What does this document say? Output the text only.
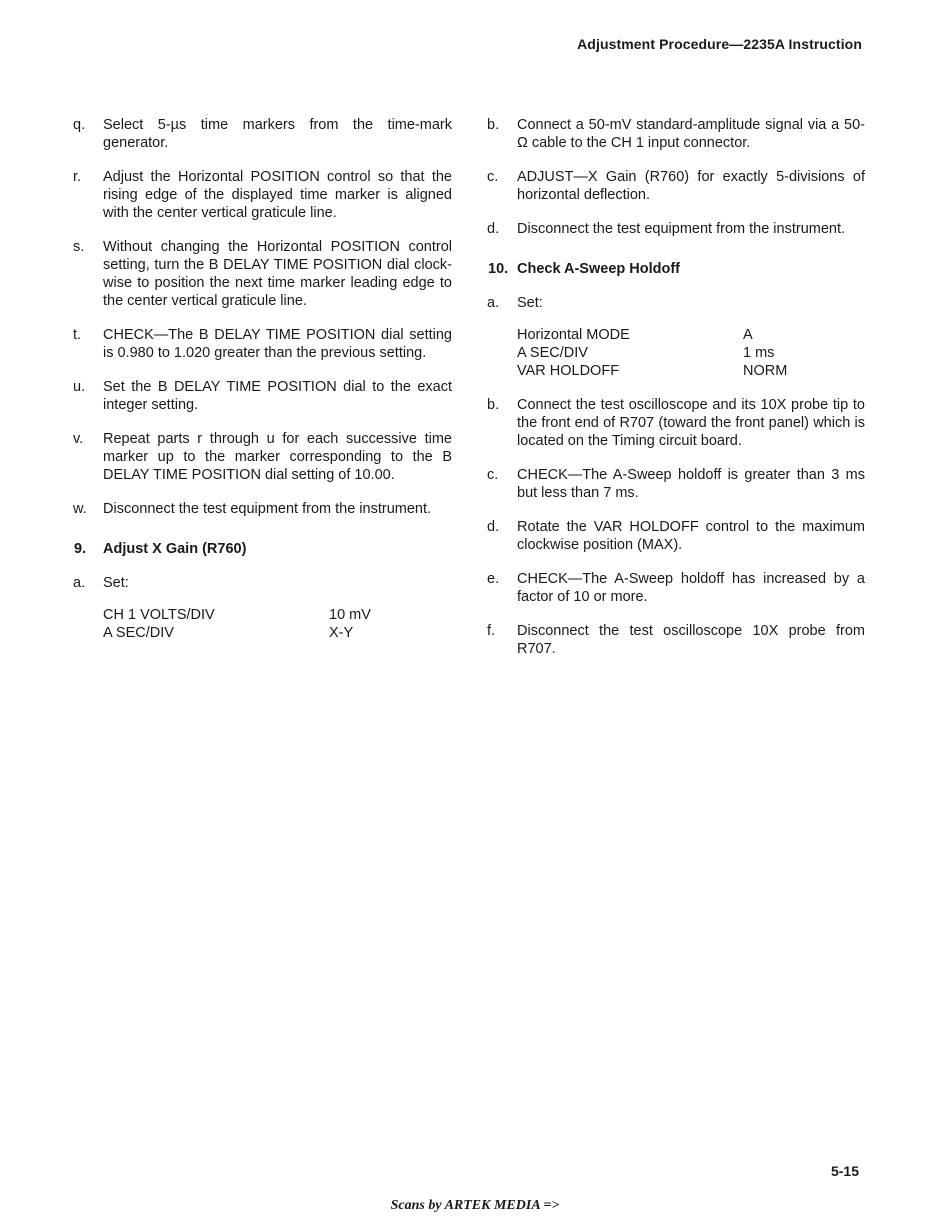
Adjustment Procedure—2235A Instruction
q. Select 5-µs time markers from the time-mark generator.
r. Adjust the Horizontal POSITION control so that the rising edge of the displayed time marker is aligned with the center vertical graticule line.
s. Without changing the Horizontal POSITION control setting, turn the B DELAY TIME POSITION dial clock-wise to position the next time marker leading edge to the center vertical graticule line.
t. CHECK—The B DELAY TIME POSITION dial setting is 0.980 to 1.020 greater than the previous setting.
u. Set the B DELAY TIME POSITION dial to the exact integer setting.
v. Repeat parts r through u for each successive time marker up to the marker corresponding to the B DELAY TIME POSITION dial setting of 10.00.
w. Disconnect the test equipment from the instrument.
9. Adjust X Gain (R760)
a. Set:
CH 1 VOLTS/DIV	10 mV
A SEC/DIV	X-Y
b. Connect a 50-mV standard-amplitude signal via a 50-Ω cable to the CH 1 input connector.
c. ADJUST—X Gain (R760) for exactly 5-divisions of horizontal deflection.
d. Disconnect the test equipment from the instrument.
10. Check A-Sweep Holdoff
a. Set:
Horizontal MODE	A
A SEC/DIV	1 ms
VAR HOLDOFF	NORM
b. Connect the test oscilloscope and its 10X probe tip to the front end of R707 (toward the front panel) which is located on the Timing circuit board.
c. CHECK—The A-Sweep holdoff is greater than 3 ms but less than 7 ms.
d. Rotate the VAR HOLDOFF control to the maximum clockwise position (MAX).
e. CHECK—The A-Sweep holdoff has increased by a factor of 10 or more.
f. Disconnect the test oscilloscope 10X probe from R707.
5-15
Scans by ARTEK MEDIA =>
